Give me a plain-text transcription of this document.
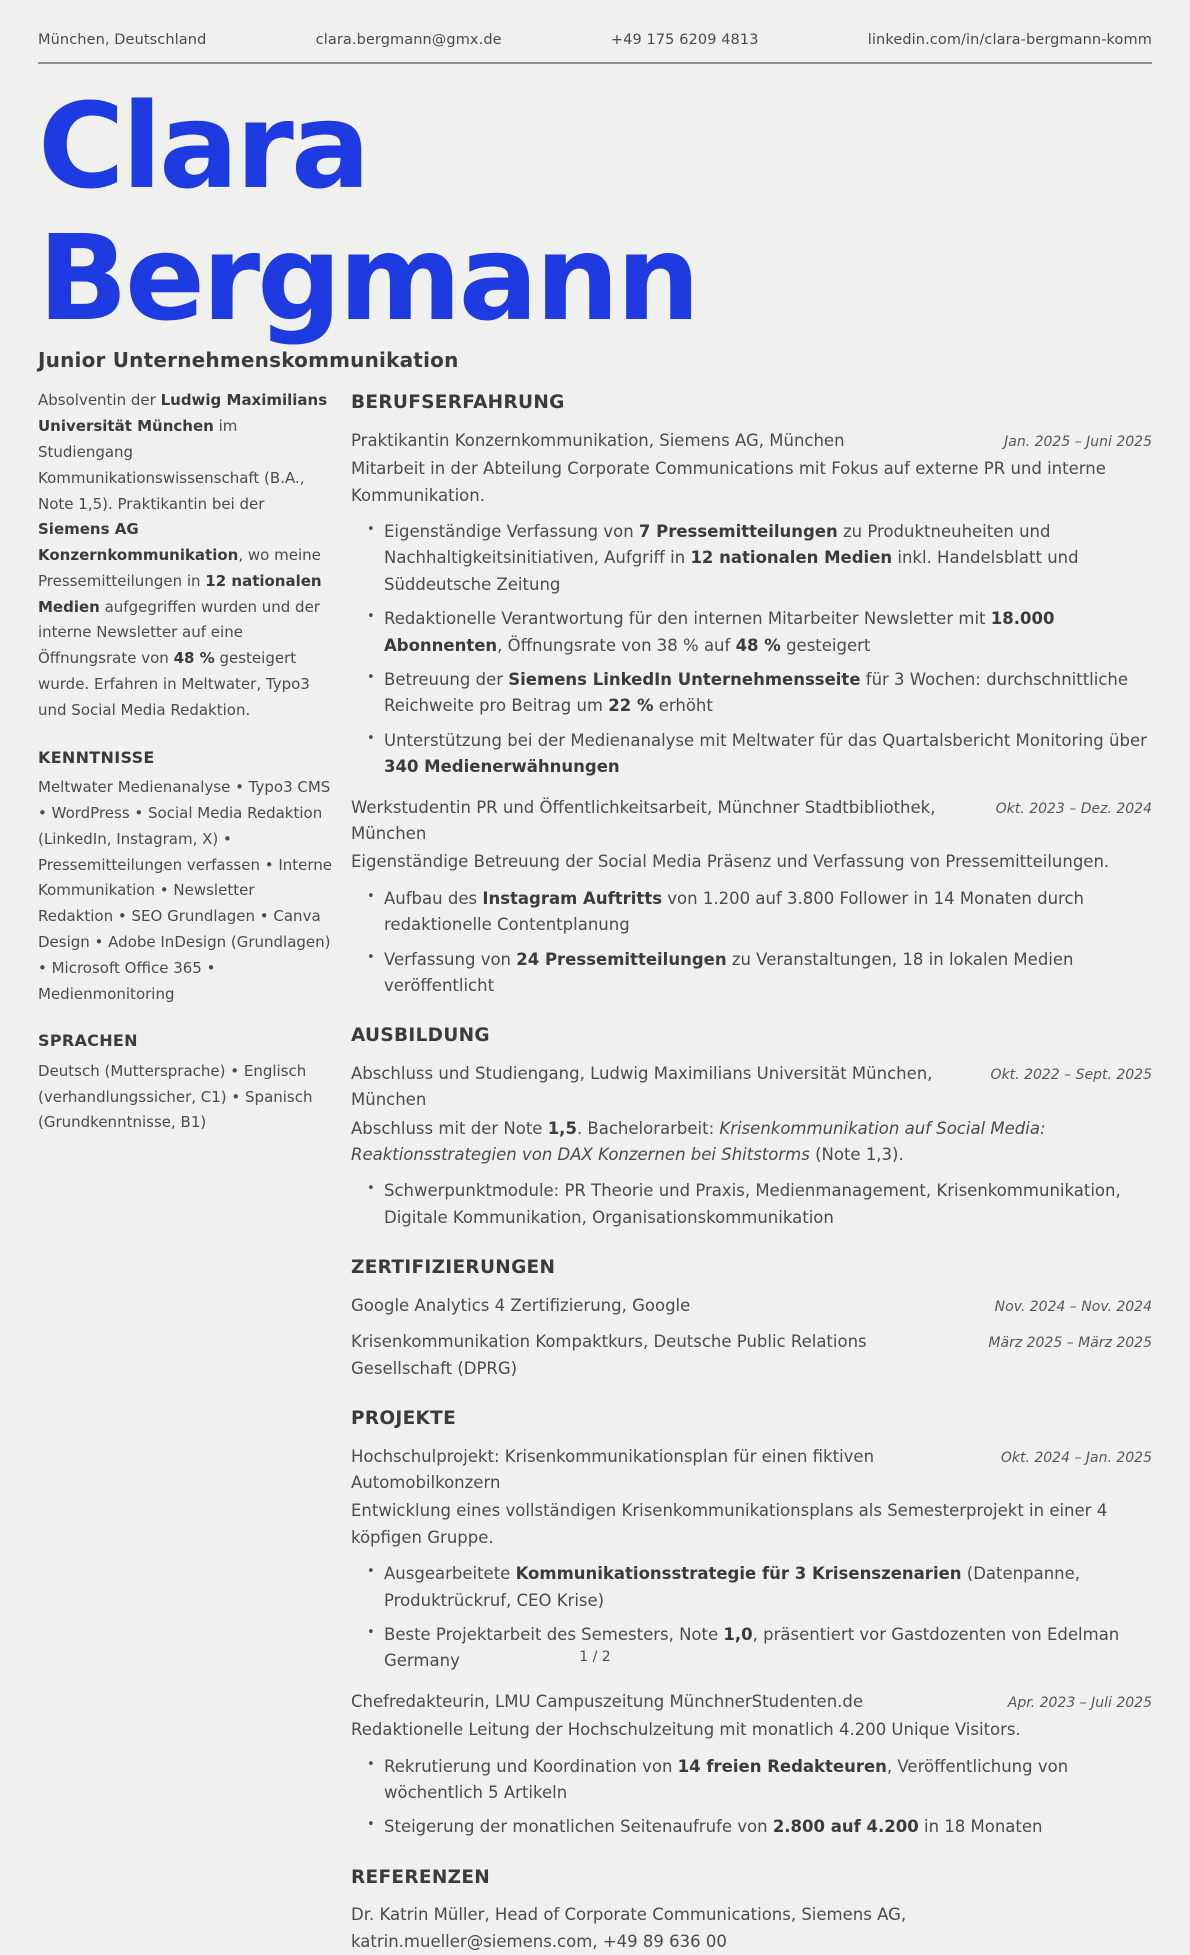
München, Deutschland	clara.bergmann@gmx.de	+49 175 6209 4813	linkedin.com/in/clara-bergmann-komm
Clara
Bergmann
Junior Unternehmenskommunikation

Absolventin der Ludwig Maximilians Universität München im Studiengang Kommunikationswissenschaft (B.A., Note 1,5). Praktikantin bei der Siemens AG Konzernkommunikation, wo meine Pressemitteilungen in 12 nationalen Medien aufgegriffen wurden und der interne Newsletter auf eine Öffnungsrate von 48 % gesteigert wurde. Erfahren in Meltwater, Typo3 und Social Media Redaktion.

KENNTNISSE

Meltwater Medienanalyse • Typo3 CMS • WordPress • Social Media Redaktion (LinkedIn, Instagram, X) • Pressemitteilungen verfassen • Interne Kommunikation • Newsletter Redaktion • SEO Grundlagen • Canva Design • Adobe InDesign (Grundlagen) • Microsoft Office 365 • Medienmonitoring

SPRACHEN

Deutsch (Muttersprache) • Englisch (verhandlungssicher, C1) • Spanisch (Grundkenntnisse, B1)

BERUFSERFAHRUNG
Praktikantin Konzernkommunikation, Siemens AG, München	Jan. 2025 – Juni 2025

Mitarbeit in der Abteilung Corporate Communications mit Fokus auf externe PR und interne Kommunikation.

• Eigenständige Verfassung von 7 Pressemitteilungen zu Produktneuheiten und Nachhaltigkeitsinitiativen, Aufgriff in 12 nationalen Medien inkl. Handelsblatt und Süddeutsche Zeitung
• Redaktionelle Verantwortung für den internen Mitarbeiter Newsletter mit 18.000 Abonnenten, Öffnungsrate von 38 % auf 48 % gesteigert
• Betreuung der Siemens LinkedIn Unternehmensseite für 3 Wochen: durchschnittliche Reichweite pro Beitrag um 22 % erhöht
• Unterstützung bei der Medienanalyse mit Meltwater für das Quartalsbericht Monitoring über 340 Medienerwähnungen
Werkstudentin PR und Öffentlichkeitsarbeit, Münchner Stadtbibliothek, München
Okt. 2023 – Dez. 2024

Eigenständige Betreuung der Social Media Präsenz und Verfassung von Pressemitteilungen.

• Aufbau des Instagram Auftritts von 1.200 auf 3.800 Follower in 14 Monaten durch redaktionelle Contentplanung
• Verfassung von 24 Pressemitteilungen zu Veranstaltungen, 18 in lokalen Medien veröffentlicht
AUSBILDUNG
Abschluss und Studiengang, Ludwig Maximilians Universität München, München
Okt. 2022 – Sept. 2025

Abschluss mit der Note 1,5. Bachelorarbeit: Krisenkommunikation auf Social Media: Reaktionsstrategien von DAX Konzernen bei Shitstorms (Note 1,3).

• Schwerpunktmodule: PR Theorie und Praxis, Medienmanagement, Krisenkommunikation, Digitale Kommunikation, Organisationskommunikation
ZERTIFIZIERUNGEN
Google Analytics 4 Zertifizierung, Google	Nov. 2024 – Nov. 2024
Krisenkommunikation Kompaktkurs, Deutsche Public Relations Gesellschaft (DPRG)
März 2025 – März 2025
PROJEKTE
Hochschulprojekt: Krisenkommunikationsplan für einen fiktiven Automobilkonzern
Okt. 2024 – Jan. 2025

Entwicklung eines vollständigen Krisenkommunikationsplans als Semesterprojekt in einer 4 köpfigen Gruppe.

• Ausgearbeitete Kommunikationsstrategie für 3 Krisenszenarien (Datenpanne, Produktrückruf, CEO Krise)
• Beste Projektarbeit des Semesters, Note 1,0, präsentiert vor Gastdozenten von Edelman Germany
Chefredakteurin, LMU Campuszeitung MünchnerStudenten.de	Apr. 2023 – Juli 2025

Redaktionelle Leitung der Hochschulzeitung mit monatlich 4.200 Unique Visitors.

• Rekrutierung und Koordination von 14 freien Redakteuren, Veröffentlichung von wöchentlich 5 Artikeln
• Steigerung der monatlichen Seitenaufrufe von 2.800 auf 4.200 in 18 Monaten
REFERENZEN

Dr. Katrin Müller, Head of Corporate Communications, Siemens AG, katrin.mueller@siemens.com, +49 89 636 00

1 / 2
